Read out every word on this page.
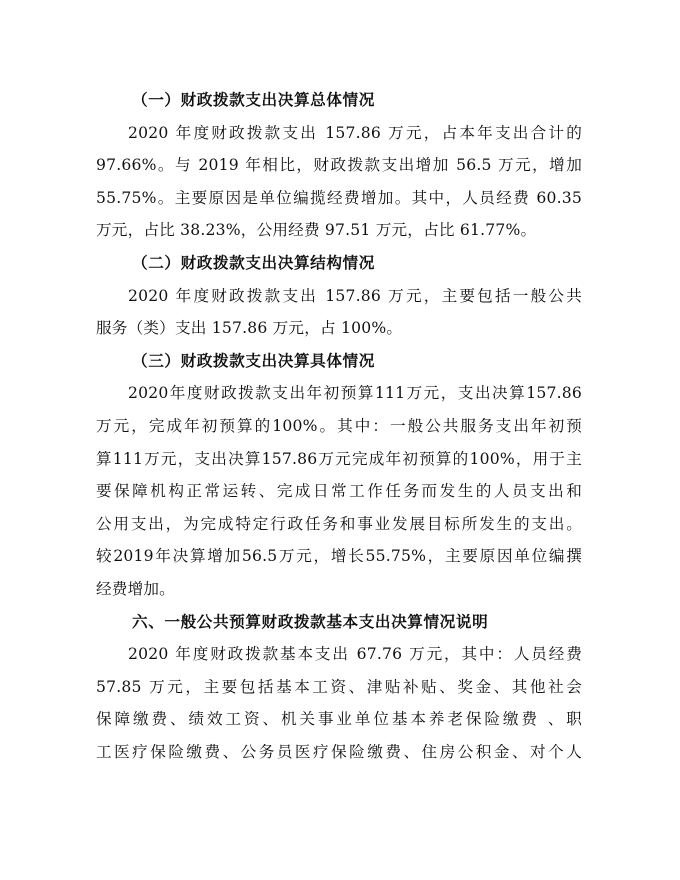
（一）财政拨款支出决算总体情况
2020 年度财政拨款支出 157.86 万元，占本年支出合计的
97.66%。与 2019 年相比，财政拨款支出增加 56.5 万元，增加
55.75%。主要原因是单位编揽经费增加。其中，人员经费 60.35
万元，占比 38.23%，公用经费 97.51 万元，占比 61.77%。
（二）财政拨款支出决算结构情况
2020 年度财政拨款支出 157.86 万元，主要包括一般公共
服务（类）支出 157.86 万元，占 100%。
（三）财政拨款支出决算具体情况
2020年度财政拨款支出年初预算111万元，支出决算157.86
万元，完成年初预算的100%。其中：一般公共服务支出年初预
算111万元，支出决算157.86万元完成年初预算的100%，用于主
要保障机构正常运转、完成日常工作任务而发生的人员支出和
公用支出，为完成特定行政任务和事业发展目标所发生的支出。
较2019年决算增加56.5万元，增长55.75%，主要原因单位编撰
经费增加。
六、一般公共预算财政拨款基本支出决算情况说明
2020 年度财政拨款基本支出 67.76 万元，其中：人员经费
57.85 万元，主要包括基本工资、津贴补贴、奖金、其他社会
保障缴费、绩效工资、机关事业单位基本养老保险缴费 、职
工医疗保险缴费、公务员医疗保险缴费、住房公积金、对个人
